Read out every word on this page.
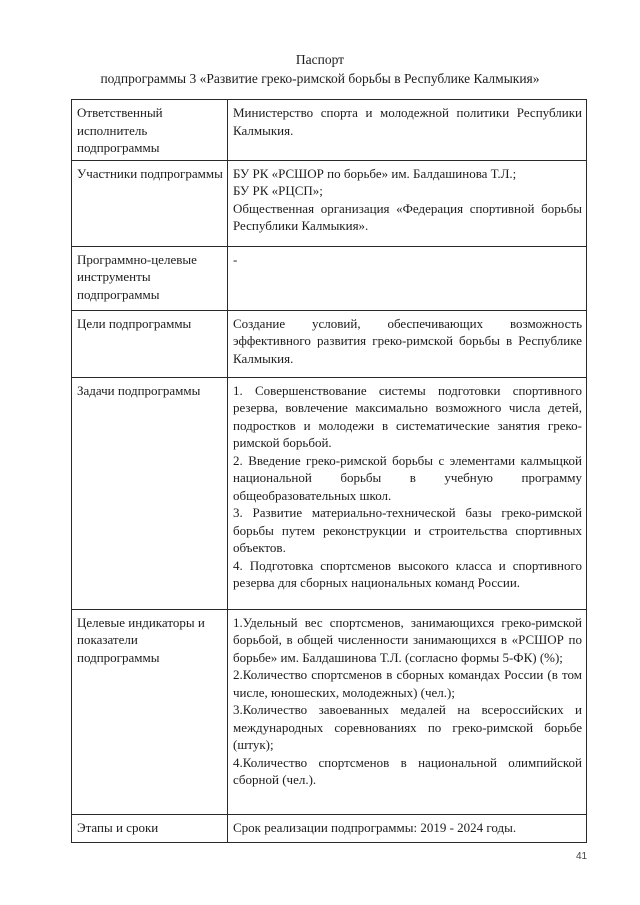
Паспорт
подпрограммы 3 «Развитие греко-римской борьбы в Республике Калмыкия»
Ответственный исполнитель подпрограммы	Министерство спорта и молодежной политики Республики Калмыкия.

Участники подпрограммы	БУ РК «РСШОР по борьбе» им. Балдашинова Т.Л.;
БУ РК «РЦСП»;
Общественная организация «Федерация спортивной борьбы Республики Калмыкия».

Программно-целевые инструменты подпрограммы	-

Цели подпрограммы	Создание условий, обеспечивающих возможность эффективного развития греко-римской борьбы в Республике Калмыкия.

Задачи подпрограммы	1. Совершенствование системы подготовки спортивного резерва, вовлечение максимально возможного числа детей, подростков и молодежи в систематические занятия греко-римской борьбой.
2. Введение греко-римской борьбы с элементами калмыцкой национальной борьбы в учебную программу общеобразовательных школ.
3. Развитие материально-технической базы греко-римской борьбы путем реконструкции и строительства спортивных объектов.
4. Подготовка спортсменов высокого класса и спортивного резерва для сборных национальных команд России.

Целевые индикаторы и показатели подпрограммы	1.Удельный вес спортсменов, занимающихся греко-римской борьбой, в общей численности занимающихся в «РСШОР по борьбе» им. Балдашинова Т.Л. (согласно формы 5-ФК) (%);
2.Количество спортсменов в сборных командах России (в том числе, юношеских, молодежных) (чел.);
3.Количество завоеванных медалей на всероссийских и международных соревнованиях по греко-римской борьбе (штук);
4.Количество спортсменов в национальной олимпийской сборной (чел.).

Этапы и сроки	Срок реализации подпрограммы: 2019 - 2024 годы.
41
